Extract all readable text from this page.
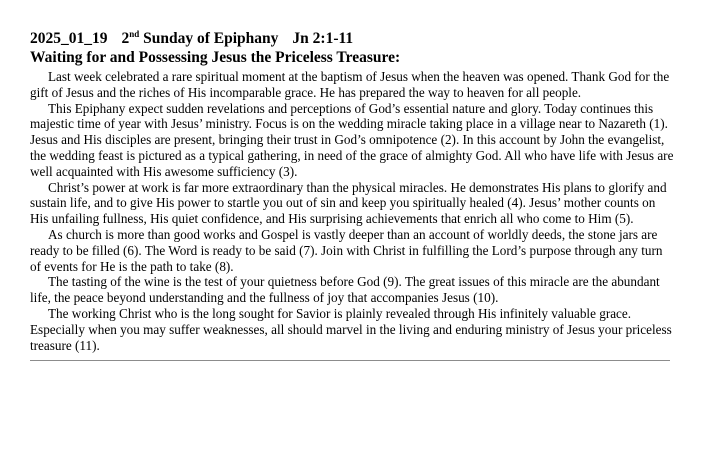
2025_01_19 2nd Sunday of Epiphany Jn 2:1-11
Waiting for and Possessing Jesus the Priceless Treasure:

Last week celebrated a rare spiritual moment at the baptism of Jesus when the heaven was opened. Thank God for the gift of Jesus and the riches of His incomparable grace. He has prepared the way to heaven for all people.

This Epiphany expect sudden revelations and perceptions of God’s essential nature and glory. Today continues this majestic time of year with Jesus’ ministry. Focus is on the wedding miracle taking place in a village near to Nazareth (1). Jesus and His disciples are present, bringing their trust in God’s omnipotence (2). In this account by John the evangelist, the wedding feast is pictured as a typical gathering, in need of the grace of almighty God. All who have life with Jesus are well acquainted with His awesome sufficiency (3).

Christ’s power at work is far more extraordinary than the physical miracles. He demonstrates His plans to glorify and sustain life, and to give His power to startle you out of sin and keep you spiritually healed (4). Jesus’ mother counts on His unfailing fullness, His quiet confidence, and His surprising achievements that enrich all who come to Him (5).

As church is more than good works and Gospel is vastly deeper than an account of worldly deeds, the stone jars are ready to be filled (6). The Word is ready to be said (7). Join with Christ in fulfilling the Lord’s purpose through any turn of events for He is the path to take (8).

The tasting of the wine is the test of your quietness before God (9). The great issues of this miracle are the abundant life, the peace beyond understanding and the fullness of joy that accompanies Jesus (10).

The working Christ who is the long sought for Savior is plainly revealed through His infinitely valuable grace. Especially when you may suffer weaknesses, all should marvel in the living and enduring ministry of Jesus your priceless treasure (11).
